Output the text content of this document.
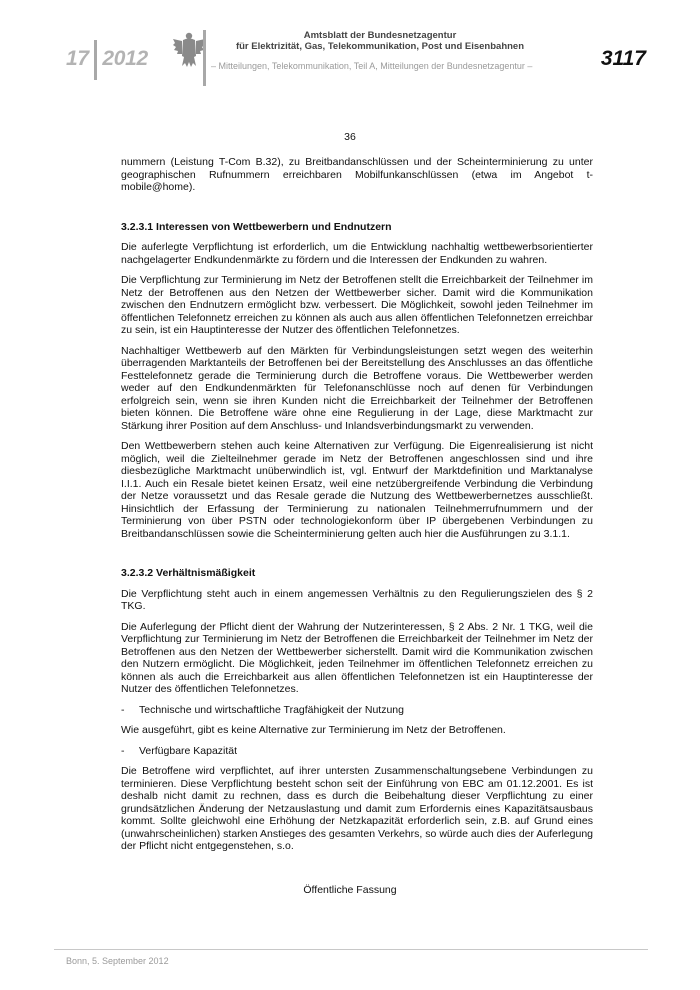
17 2012
Amtsblatt der Bundesnetzagentur
für Elektrizität, Gas, Telekommunikation, Post und Eisenbahnen
– Mitteilungen, Telekommunikation, Teil A, Mitteilungen der Bundesnetzagentur –	3117
36

nummern (Leistung T-Com B.32), zu Breitbandanschlüssen und der Scheinterminierung zu unter geographischen Rufnummern erreichbaren Mobilfunkanschlüssen (etwa im Angebot t-mobile@home).

3.2.3.1 Interessen von Wettbewerbern und Endnutzern

Die auferlegte Verpflichtung ist erforderlich, um die Entwicklung nachhaltig wettbewerbsorientierter nachgelagerter Endkundenmärkte zu fördern und die Interessen der Endkunden zu wahren.

Die Verpflichtung zur Terminierung im Netz der Betroffenen stellt die Erreichbarkeit der Teilnehmer im Netz der Betroffenen aus den Netzen der Wettbewerber sicher. Damit wird die Kommunikation zwischen den Endnutzern ermöglicht bzw. verbessert. Die Möglichkeit, sowohl jeden Teilnehmer im öffentlichen Telefonnetz erreichen zu können als auch aus allen öffentlichen Telefonnetzen erreichbar zu sein, ist ein Hauptinteresse der Nutzer des öffentlichen Telefonnetzes.

Nachhaltiger Wettbewerb auf den Märkten für Verbindungsleistungen setzt wegen des weiterhin überragenden Marktanteils der Betroffenen bei der Bereitstellung des Anschlusses an das öffentliche Festtelefonnetz gerade die Terminierung durch die Betroffene voraus. Die Wettbewerber werden weder auf den Endkundenmärkten für Telefonanschlüsse noch auf denen für Verbindungen erfolgreich sein, wenn sie ihren Kunden nicht die Erreichbarkeit der Teilnehmer der Betroffenen bieten können. Die Betroffene wäre ohne eine Regulierung in der Lage, diese Marktmacht zur Stärkung ihrer Position auf dem Anschluss- und Inlandsverbindungsmarkt zu verwenden.

Den Wettbewerbern stehen auch keine Alternativen zur Verfügung. Die Eigenrealisierung ist nicht möglich, weil die Zielteilnehmer gerade im Netz der Betroffenen angeschlossen sind und ihre diesbezügliche Marktmacht unüberwindlich ist, vgl. Entwurf der Marktdefinition und Marktanalyse I.I.1. Auch ein Resale bietet keinen Ersatz, weil eine netzübergreifende Verbindung die Verbindung der Netze voraussetzt und das Resale gerade die Nutzung des Wettbewerbernetzes ausschließt. Hinsichtlich der Erfassung der Terminierung zu nationalen Teilnehmerrufnummern und der Terminierung von über PSTN oder technologiekonform über IP übergebenen Verbindungen zu Breitbandanschlüssen sowie die Scheinterminierung gelten auch hier die Ausführungen zu 3.1.1.

3.2.3.2 Verhältnismäßigkeit

Die Verpflichtung steht auch in einem angemessen Verhältnis zu den Regulierungszielen des § 2 TKG.

Die Auferlegung der Pflicht dient der Wahrung der Nutzerinteressen, § 2 Abs. 2 Nr. 1 TKG, weil die Verpflichtung zur Terminierung im Netz der Betroffenen die Erreichbarkeit der Teilnehmer im Netz der Betroffenen aus den Netzen der Wettbewerber sicherstellt. Damit wird die Kommunikation zwischen den Nutzern ermöglicht. Die Möglichkeit, jeden Teilnehmer im öffentlichen Telefonnetz erreichen zu können als auch die Erreichbarkeit aus allen öffentlichen Telefonnetzen ist ein Hauptinteresse der Nutzer des öffentlichen Telefonnetzes.

-	Technische und wirtschaftliche Tragfähigkeit der Nutzung

Wie ausgeführt, gibt es keine Alternative zur Terminierung im Netz der Betroffenen.

-	Verfügbare Kapazität

Die Betroffene wird verpflichtet, auf ihrer untersten Zusammenschaltungsebene Verbindungen zu terminieren. Diese Verpflichtung besteht schon seit der Einführung von EBC am 01.12.2001. Es ist deshalb nicht damit zu rechnen, dass es durch die Beibehaltung dieser Verpflichtung zu einer grundsätzlichen Änderung der Netzauslastung und damit zum Erfordernis eines Kapazitätsausbaus kommt. Sollte gleichwohl eine Erhöhung der Netzkapazität erforderlich sein, z.B. auf Grund eines (unwahrscheinlichen) starken Anstieges des gesamten Verkehrs, so würde auch dies der Auferlegung der Pflicht nicht entgegenstehen, s.o.

Öffentliche Fassung
Bonn, 5. September 2012
